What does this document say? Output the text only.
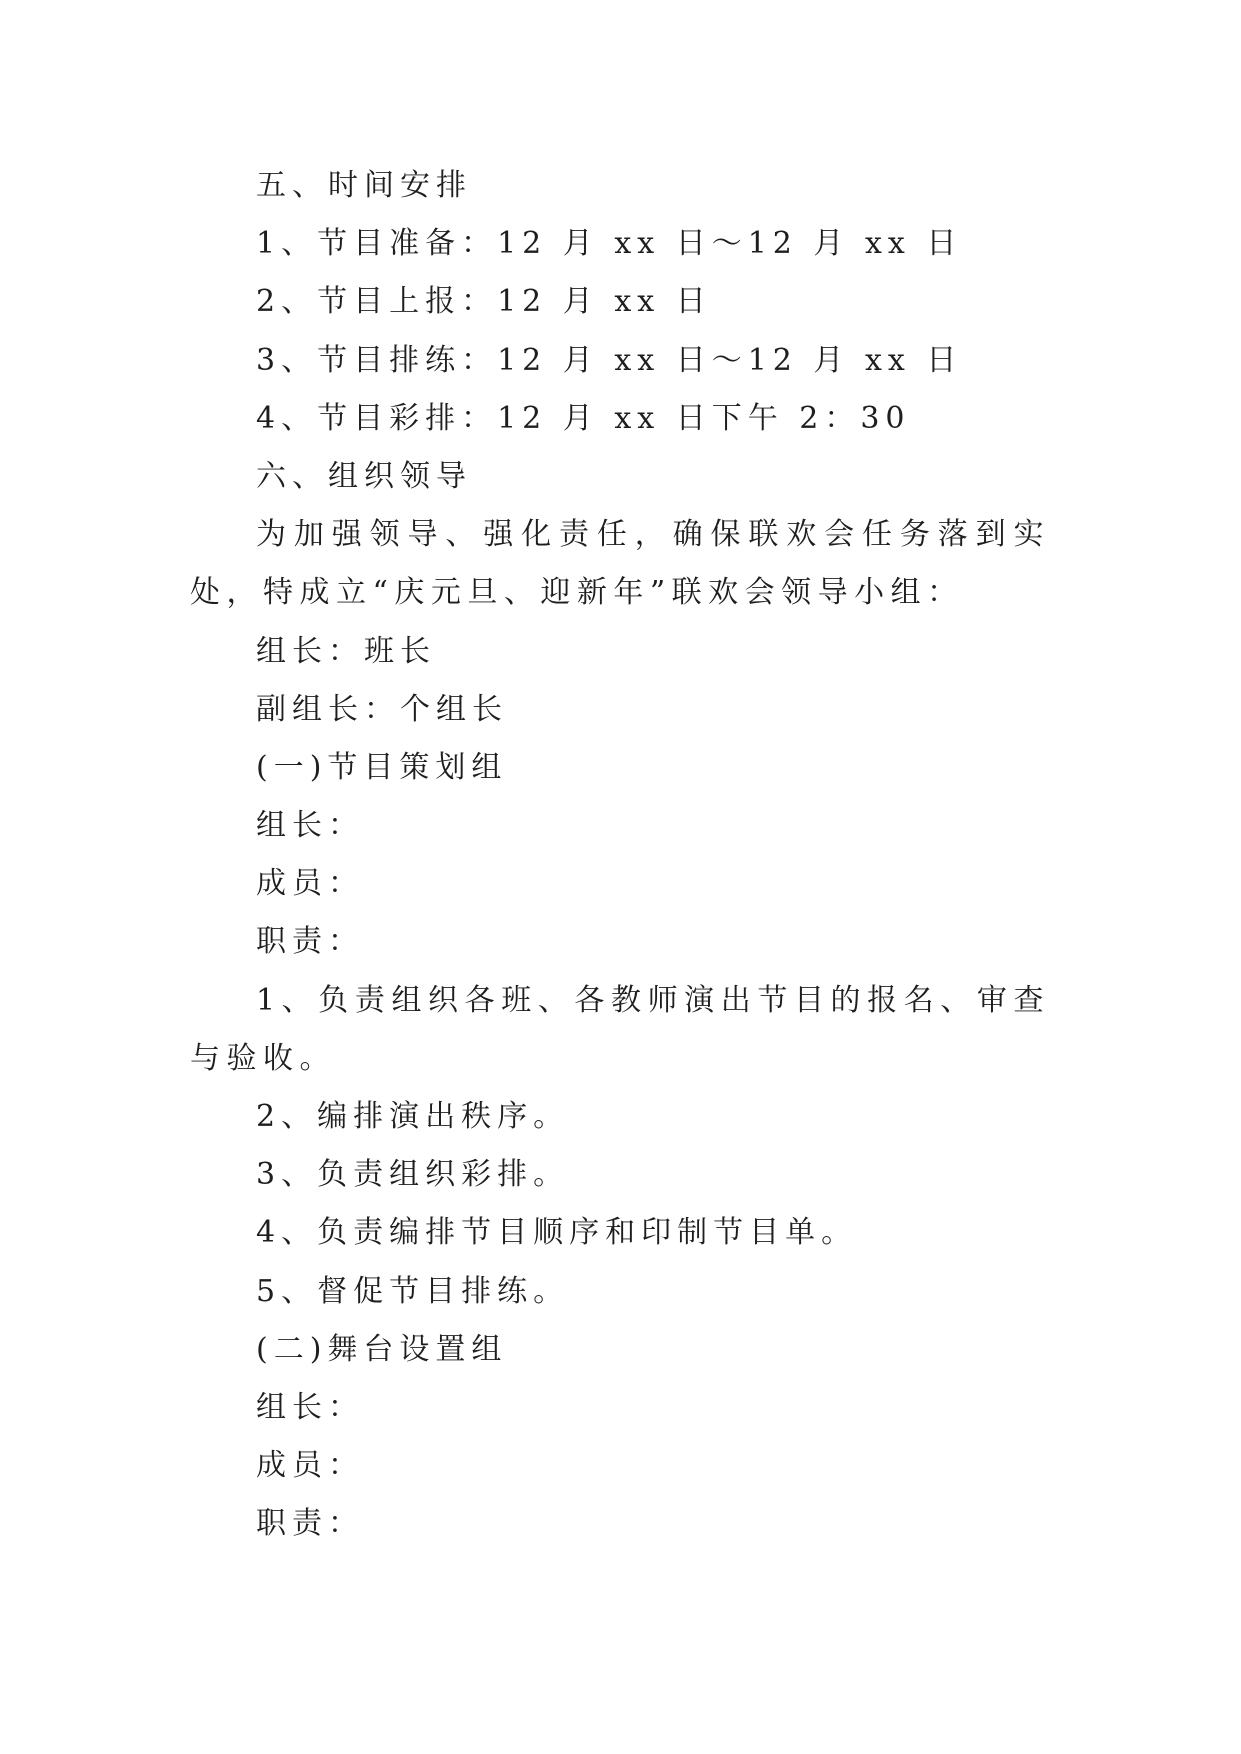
五、时间安排
1、节目准备：12 月 xx 日～12 月 xx 日
2、节目上报：12 月 xx 日
3、节目排练：12 月 xx 日～12 月 xx 日
4、节目彩排：12 月 xx 日下午 2：30
六、组织领导
为加强领导、强化责任，确保联欢会任务落到实处，特成立“庆元旦、迎新年”联欢会领导小组：
组长：班长
副组长：个组长
(一)节目策划组
组长：
成员：
职责：
1、负责组织各班、各教师演出节目的报名、审查与验收。
2、编排演出秩序。
3、负责组织彩排。
4、负责编排节目顺序和印制节目单。
5、督促节目排练。
(二)舞台设置组
组长：
成员：
职责：
